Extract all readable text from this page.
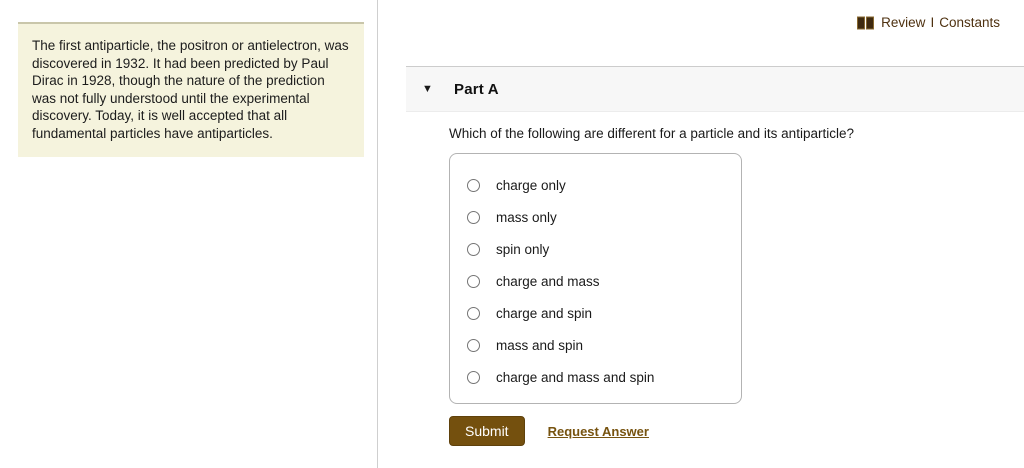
The first antiparticle, the positron or antielectron, was discovered in 1932. It had been predicted by Paul Dirac in 1928, though the nature of the prediction was not fully understood until the experimental discovery. Today, it is well accepted that all fundamental particles have antiparticles.
Review I Constants
▼ Part A
Which of the following are different for a particle and its antiparticle?
charge only
mass only
spin only
charge and mass
charge and spin
mass and spin
charge and mass and spin
Submit	Request Answer
